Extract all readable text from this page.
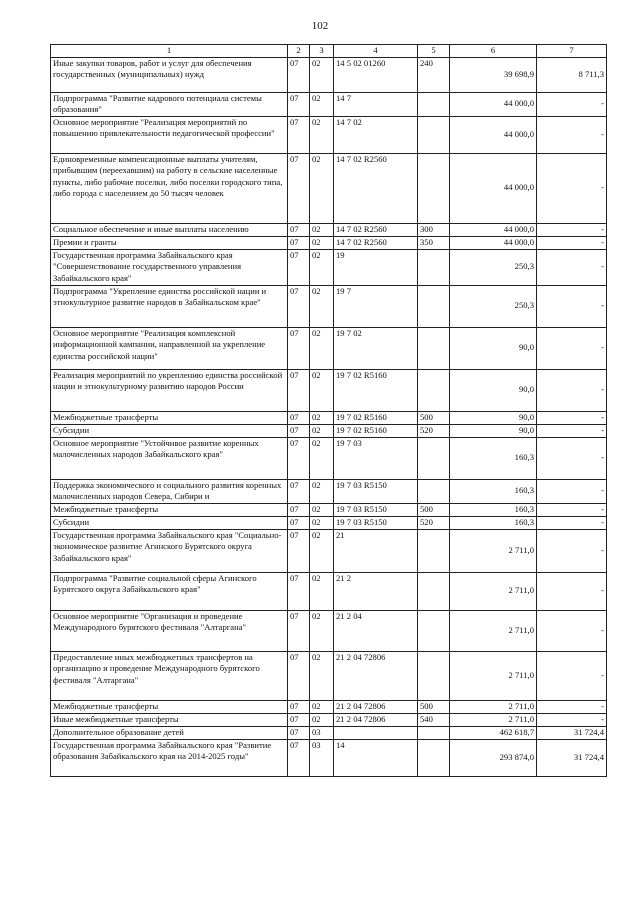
102
1	2	3	4	5	6	7
Иные закупки товаров, работ и услуг для обеспечения государственных (муниципальных) нужд	07	02	14 5 02 01260	240	39 698,9	8 711,3
Подпрограмма "Развитие кадрового потенциала системы образования"	07	02	14 7		44 000,0	-
Основное мероприятие "Реализация мероприятий по повышению привлекательности педагогической профессии"	07	02	14 7 02		44 000,0	-
Единовременные компенсационные выплаты учителям, прибывшим (переехавшим) на работу в сельские населенные пункты, либо рабочие поселки, либо поселки городского типа, либо города с населением до 50 тысяч человек	07	02	14 7 02 R2560		44 000,0	-
Социальное обеспечение и иные выплаты населению	07	02	14 7 02 R2560	300	44 000,0	-
Премии и гранты	07	02	14 7 02 R2560	350	44 000,0	-
Государственная программа Забайкальского края "Совершенствование государственного управления Забайкальского края"	07	02	19		250,3	-
Подпрограмма "Укрепление единства российской нации и этнокультурное развитие народов в Забайкальском крае"	07	02	19 7		250,3	-
Основное мероприятие "Реализация комплексной информационной кампании, направленной на укрепление единства российской нации"	07	02	19 7 02		90,0	-
Реализация мероприятий по укреплению единства российской нации и этнокультурному развитию народов России	07	02	19 7 02 R5160		90,0	-
Межбюджетные трансферты	07	02	19 7 02 R5160	500	90,0	-
Субсидии	07	02	19 7 02 R5160	520	90,0	-
Основное мероприятие "Устойчивое развитие коренных малочисленных народов Забайкальского края"	07	02	19 7 03		160,3	-
Поддержка экономического и социального развития коренных малочисленных народов Севера, Сибири и	07	02	19 7 03 R5150		160,3	-
Межбюджетные трансферты	07	02	19 7 03 R5150	500	160,3	-
Субсидии	07	02	19 7 03 R5150	520	160,3	-
Государственная программа Забайкальского края "Социально-экономическое развитие Агинского Бурятского округа Забайкальского края"	07	02	21		2 711,0	-
Подпрограмма "Развитие социальной сферы Агинского Бурятского округа Забайкальского края"	07	02	21 2		2 711,0	-
Основное мероприятие "Организация и проведение Международного бурятского фестиваля "Алтаргана"	07	02	21 2 04		2 711,0	-
Предоставление иных межбюджетных трансфертов на организацию и проведение Международного бурятского фестиваля "Алтаргана"	07	02	21 2 04 72806		2 711,0	-
Межбюджетные трансферты	07	02	21 2 04 72806	500	2 711,0	-
Иные межбюджетные трансферты	07	02	21 2 04 72806	540	2 711,0	-
Дополнительное образование детей	07	03			462 618,7	31 724,4
Государственная программа Забайкальского края "Развитие образования Забайкальского края на 2014-2025 годы"	07	03	14		293 874,0	31 724,4
